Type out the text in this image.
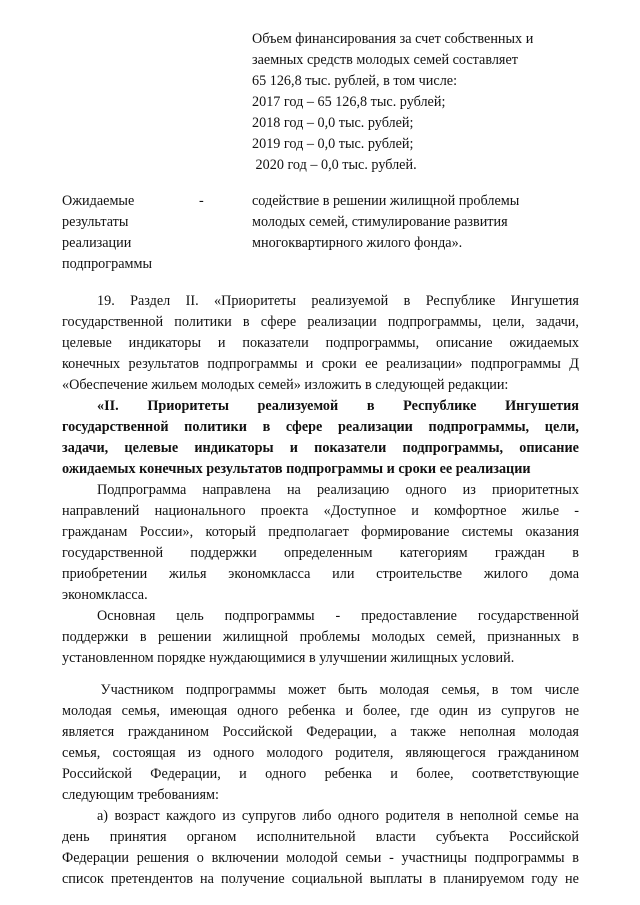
Объем финансирования за счет собственных и
заемных средств молодых семей составляет
65 126,8 тыс. рублей, в том числе:
2017 год – 65 126,8 тыс. рублей;
2018 год – 0,0 тыс. рублей;
2019 год – 0,0 тыс. рублей;
2020 год – 0,0 тыс. рублей.
Ожидаемые
результаты
реализации
подпрограммы
-	содействие в решении жилищной проблемы
молодых семей, стимулирование развития
многоквартирного жилого фонда».
19. Раздел II. «Приоритеты реализуемой в Республике Ингушетия
государственной политики в сфере реализации подпрограммы, цели, задачи,
целевые индикаторы и показатели подпрограммы, описание ожидаемых
конечных результатов подпрограммы и сроки ее реализации» подпрограммы Д
«Обеспечение жильем молодых семей» изложить в следующей редакции:
«II. Приоритеты реализуемой в Республике Ингушетия
государственной политики в сфере реализации подпрограммы, цели,
задачи, целевые индикаторы и показатели подпрограммы, описание
ожидаемых конечных результатов подпрограммы и сроки ее реализации
Подпрограмма направлена на реализацию одного из приоритетных
направлений национального проекта «Доступное и комфортное жилье -
гражданам России», который предполагает формирование системы оказания
государственной поддержки определенным категориям граждан в
приобретении жилья экономкласса или строительстве жилого дома
экономкласса.
Основная цель подпрограммы - предоставление государственной
поддержки в решении жилищной проблемы молодых семей, признанных в
установленном порядке нуждающимися в улучшении жилищных условий.
Участником подпрограммы может быть молодая семья, в том числе
молодая семья, имеющая одного ребенка и более, где один из супругов не
является гражданином Российской Федерации, а также неполная молодая
семья, состоящая из одного молодого родителя, являющегося гражданином
Российской Федерации, и одного ребенка и более, соответствующие
следующим требованиям:
а) возраст каждого из супругов либо одного родителя в неполной семье на
день принятия органом исполнительной власти субъекта Российской
Федерации решения о включении молодой семьи - участницы подпрограммы в
список претендентов на получение социальной выплаты в планируемом году не
